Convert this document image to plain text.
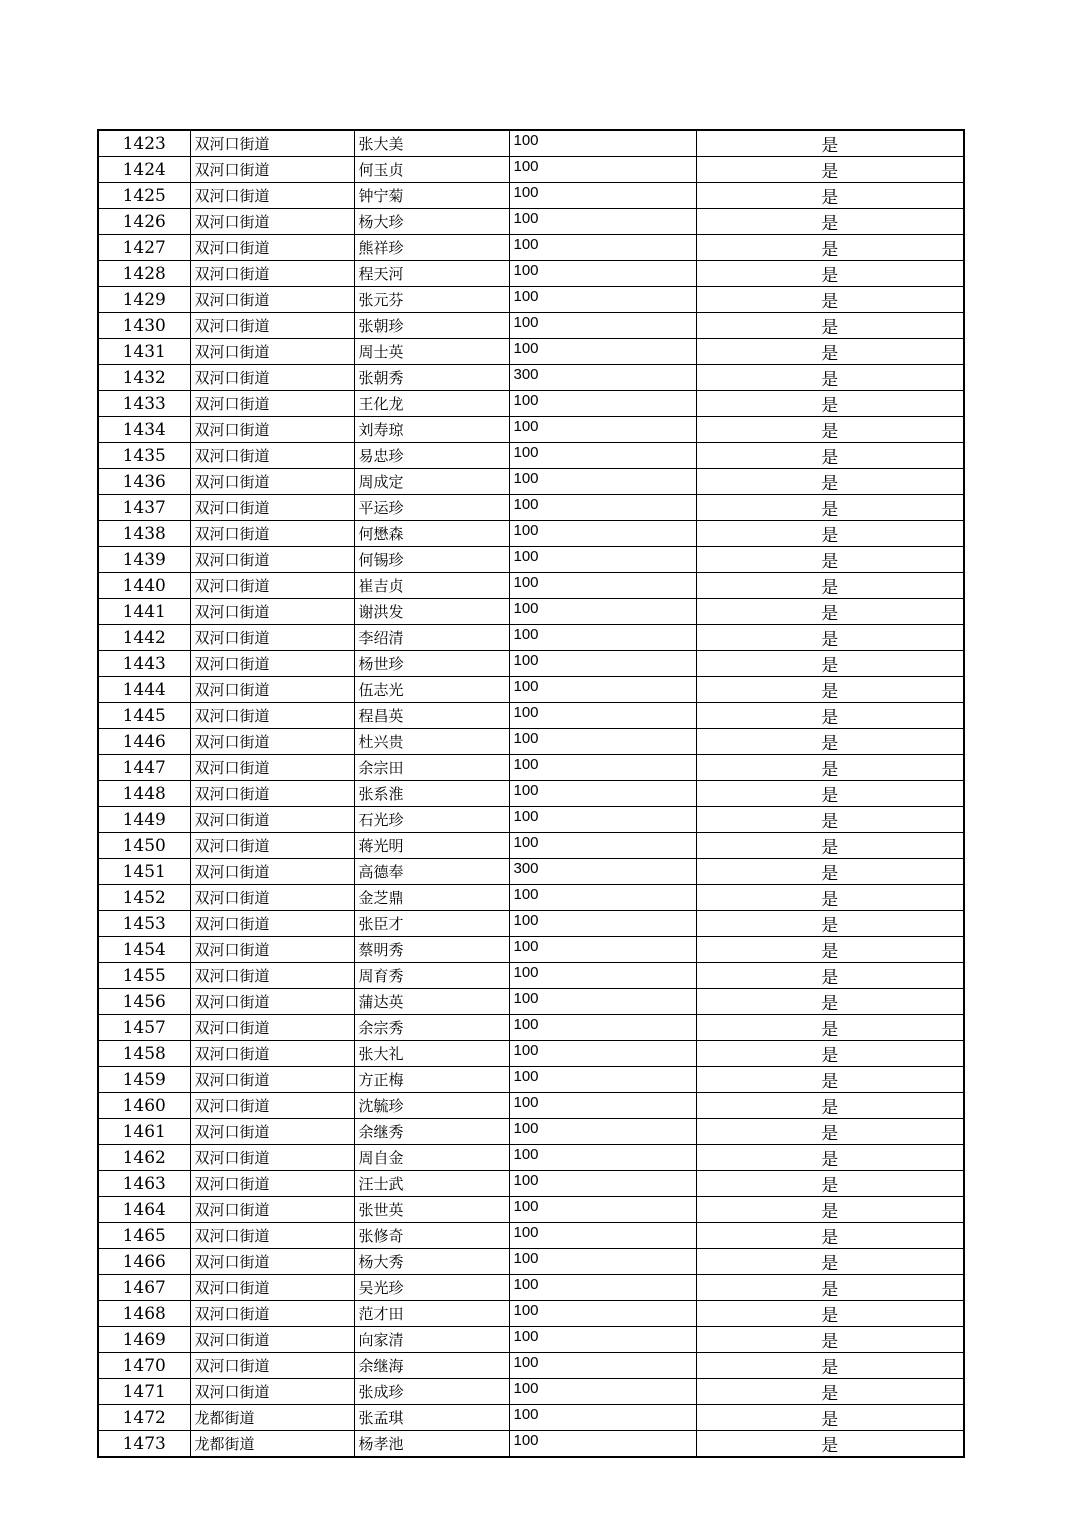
1423	双河口街道	张大美	100	是
1424	双河口街道	何玉贞	100	是
1425	双河口街道	钟宁菊	100	是
1426	双河口街道	杨大珍	100	是
1427	双河口街道	熊祥珍	100	是
1428	双河口街道	程天河	100	是
1429	双河口街道	张元芬	100	是
1430	双河口街道	张朝珍	100	是
1431	双河口街道	周士英	100	是
1432	双河口街道	张朝秀	300	是
1433	双河口街道	王化龙	100	是
1434	双河口街道	刘寿琼	100	是
1435	双河口街道	易忠珍	100	是
1436	双河口街道	周成定	100	是
1437	双河口街道	平运珍	100	是
1438	双河口街道	何懋森	100	是
1439	双河口街道	何锡珍	100	是
1440	双河口街道	崔吉贞	100	是
1441	双河口街道	谢洪发	100	是
1442	双河口街道	李绍清	100	是
1443	双河口街道	杨世珍	100	是
1444	双河口街道	伍志光	100	是
1445	双河口街道	程昌英	100	是
1446	双河口街道	杜兴贵	100	是
1447	双河口街道	余宗田	100	是
1448	双河口街道	张系淮	100	是
1449	双河口街道	石光珍	100	是
1450	双河口街道	蒋光明	100	是
1451	双河口街道	高德奉	300	是
1452	双河口街道	金芝鼎	100	是
1453	双河口街道	张臣才	100	是
1454	双河口街道	蔡明秀	100	是
1455	双河口街道	周育秀	100	是
1456	双河口街道	蒲达英	100	是
1457	双河口街道	余宗秀	100	是
1458	双河口街道	张大礼	100	是
1459	双河口街道	方正梅	100	是
1460	双河口街道	沈毓珍	100	是
1461	双河口街道	余继秀	100	是
1462	双河口街道	周自金	100	是
1463	双河口街道	汪士武	100	是
1464	双河口街道	张世英	100	是
1465	双河口街道	张修奇	100	是
1466	双河口街道	杨大秀	100	是
1467	双河口街道	吴光珍	100	是
1468	双河口街道	范才田	100	是
1469	双河口街道	向家清	100	是
1470	双河口街道	余继海	100	是
1471	双河口街道	张成珍	100	是
1472	龙都街道	张孟琪	100	是
1473	龙都街道	杨孝池	100	是
